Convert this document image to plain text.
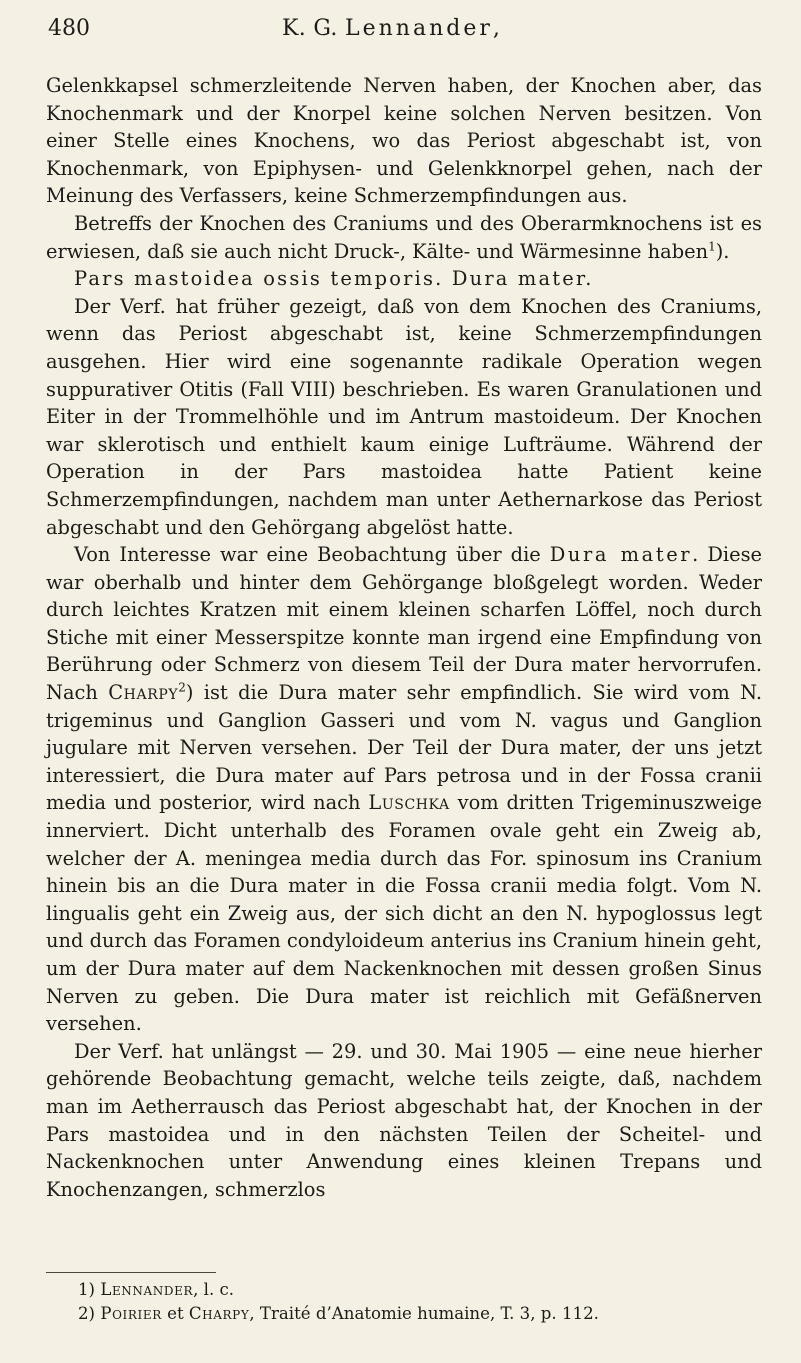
480	K. G. Lennander,

Gelenkkapsel schmerzleitende Nerven haben, der Knochen aber, das Knochenmark und der Knorpel keine solchen Nerven besitzen. Von einer Stelle eines Knochens, wo das Periost abgeschabt ist, von Knochenmark, von Epiphysen- und Gelenkknorpel gehen, nach der Meinung des Verfassers, keine Schmerzempfindungen aus.

Betreffs der Knochen des Craniums und des Oberarmknochens ist es erwiesen, daß sie auch nicht Druck-, Kälte- und Wärmesinne haben$^1$).

Pars mastoidea ossis temporis. Dura mater.

Der Verf. hat früher gezeigt, daß von dem Knochen des Craniums, wenn das Periost abgeschabt ist, keine Schmerzempfindungen ausgehen. Hier wird eine sogenannte radikale Operation wegen suppurativer Otitis (Fall VIII) beschrieben. Es waren Granulationen und Eiter in der Trommelhöhle und im Antrum mastoideum. Der Knochen war sklerotisch und enthielt kaum einige Lufträume. Während der Operation in der Pars mastoidea hatte Patient keine Schmerzempfindungen, nachdem man unter Aethernarkose das Periost abgeschabt und den Gehörgang abgelöst hatte.

Von Interesse war eine Beobachtung über die Dura mater. Diese war oberhalb und hinter dem Gehörgange bloßgelegt worden. Weder durch leichtes Kratzen mit einem kleinen scharfen Löffel, noch durch Stiche mit einer Messerspitze konnte man irgend eine Empfindung von Berührung oder Schmerz von diesem Teil der Dura mater hervorrufen. Nach Charpy$^2$) ist die Dura mater sehr empfindlich. Sie wird vom N. trigeminus und Ganglion Gasseri und vom N. vagus und Ganglion jugulare mit Nerven versehen. Der Teil der Dura mater, der uns jetzt interessiert, die Dura mater auf Pars petrosa und in der Fossa cranii media und posterior, wird nach Luschka vom dritten Trigeminuszweige innerviert. Dicht unterhalb des Foramen ovale geht ein Zweig ab, welcher der A. meningea media durch das For. spinosum ins Cranium hinein bis an die Dura mater in die Fossa cranii media folgt. Vom N. lingualis geht ein Zweig aus, der sich dicht an den N. hypoglossus legt und durch das Foramen condyloideum anterius ins Cranium hinein geht, um der Dura mater auf dem Nackenknochen mit dessen großen Sinus Nerven zu geben. Die Dura mater ist reichlich mit Gefäßnerven versehen.

Der Verf. hat unlängst — 29. und 30. Mai 1905 — eine neue hierher gehörende Beobachtung gemacht, welche teils zeigte, daß, nachdem man im Aetherrausch das Periost abgeschabt hat, der Knochen in der Pars mastoidea und in den nächsten Teilen der Scheitel- und Nackenknochen unter Anwendung eines kleinen Trepans und Knochenzangen, schmerzlos

1) Lennander, l. c.

2) Poirier et Charpy, Traité d’Anatomie humaine, T. 3, p. 112.
